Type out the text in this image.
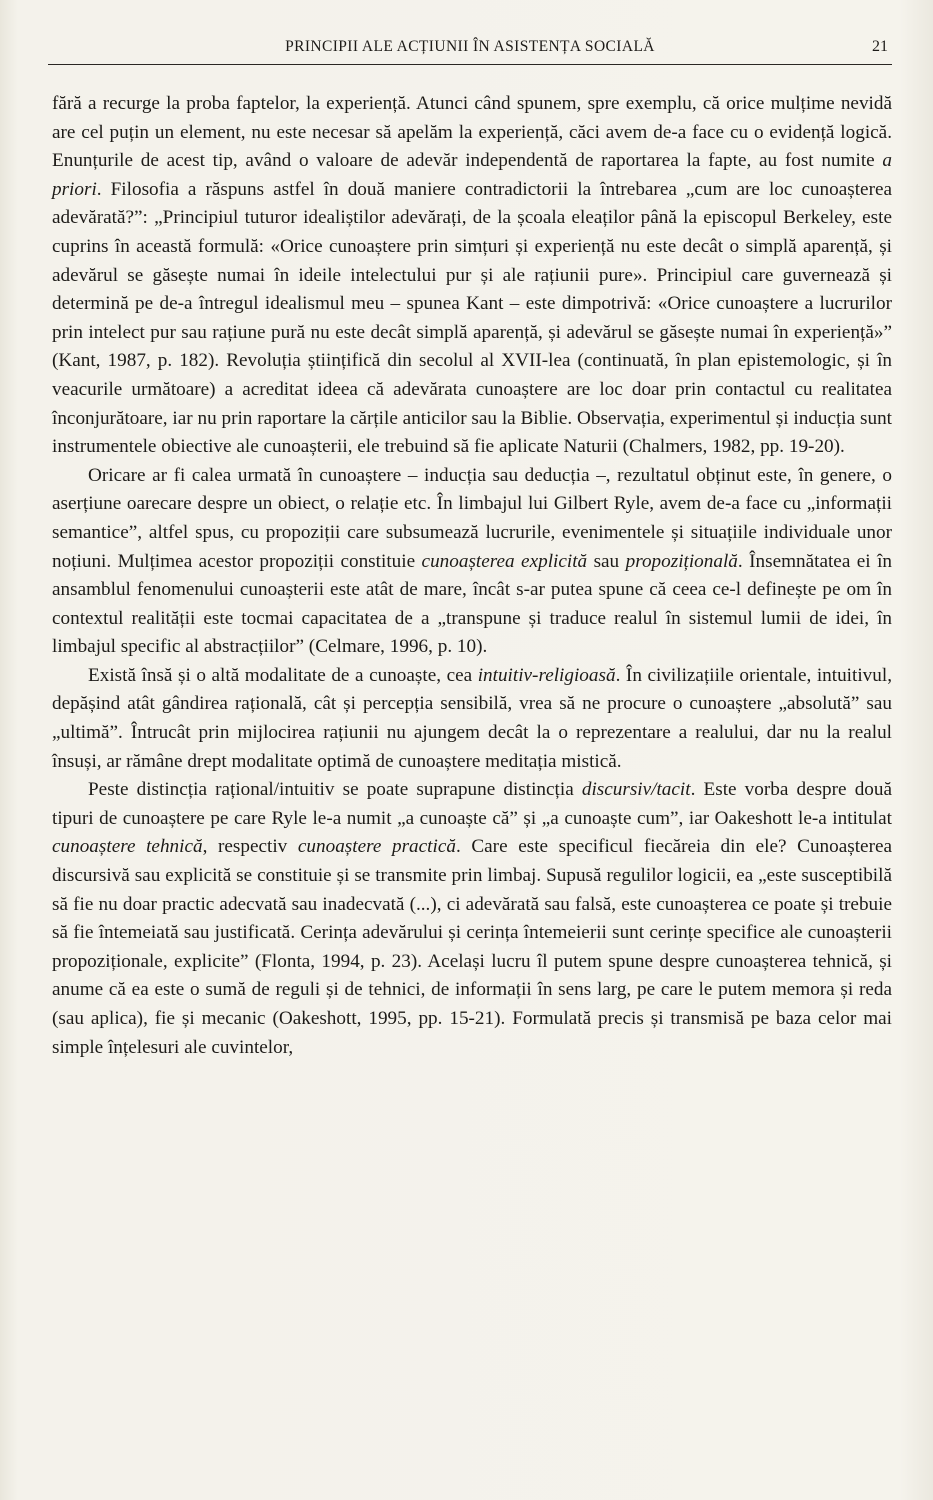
PRINCIPII ALE ACȚIUNII ÎN ASISTENȚA SOCIALĂ	21

fără a recurge la proba faptelor, la experiență. Atunci când spunem, spre exemplu, că orice mulțime nevidă are cel puțin un element, nu este necesar să apelăm la experiență, căci avem de-a face cu o evidență logică. Enunțurile de acest tip, având o valoare de adevăr independentă de raportarea la fapte, au fost numite a priori. Filosofia a răspuns astfel în două maniere contradictorii la întrebarea „cum are loc cunoașterea adevărată?”: „Principiul tuturor idealiștilor adevărați, de la școala eleaților până la episcopul Berkeley, este cuprins în această formulă: «Orice cunoaștere prin simțuri și experiență nu este decât o simplă aparență, și adevărul se găsește numai în ideile intelectului pur și ale rațiunii pure». Principiul care guvernează și determină pe de-a întregul idealismul meu – spunea Kant – este dimpotrivă: «Orice cunoaștere a lucrurilor prin intelect pur sau rațiune pură nu este decât simplă aparență, și adevărul se găsește numai în experiență»” (Kant, 1987, p. 182). Revoluția științifică din secolul al XVII-lea (continuată, în plan epistemologic, și în veacurile următoare) a acreditat ideea că adevărata cunoaștere are loc doar prin contactul cu realitatea înconjurătoare, iar nu prin raportare la cărțile anticilor sau la Biblie. Observația, experimentul și inducția sunt instrumentele obiective ale cunoașterii, ele trebuind să fie aplicate Naturii (Chalmers, 1982, pp. 19-20).

Oricare ar fi calea urmată în cunoaștere – inducția sau deducția –, rezultatul obținut este, în genere, o aserțiune oarecare despre un obiect, o relație etc. În limbajul lui Gilbert Ryle, avem de-a face cu „informații semantice”, altfel spus, cu propoziții care subsumează lucrurile, evenimentele și situațiile individuale unor noțiuni. Mulțimea acestor propoziții constituie cunoașterea explicită sau propozițională. Însemnătatea ei în ansamblul fenomenului cunoașterii este atât de mare, încât s-ar putea spune că ceea ce-l definește pe om în contextul realității este tocmai capacitatea de a „transpune și traduce realul în sistemul lumii de idei, în limbajul specific al abstracțiilor” (Celmare, 1996, p. 10).

Există însă și o altă modalitate de a cunoaște, cea intuitiv-religioasă. În civilizațiile orientale, intuitivul, depășind atât gândirea rațională, cât și percepția sensibilă, vrea să ne procure o cunoaștere „absolută” sau „ultimă”. Întrucât prin mijlocirea rațiunii nu ajungem decât la o reprezentare a realului, dar nu la realul însuși, ar rămâne drept modalitate optimă de cunoaștere meditația mistică.

Peste distincția rațional/intuitiv se poate suprapune distincția discursiv/tacit. Este vorba despre două tipuri de cunoaștere pe care Ryle le-a numit „a cunoaște că” și „a cunoaște cum”, iar Oakeshott le-a intitulat cunoaștere tehnică, respectiv cunoaștere practică. Care este specificul fiecăreia din ele? Cunoașterea discursivă sau explicită se constituie și se transmite prin limbaj. Supusă regulilor logicii, ea „este susceptibilă să fie nu doar practic adecvată sau inadecvată (...), ci adevărată sau falsă, este cunoașterea ce poate și trebuie să fie întemeiată sau justificată. Cerința adevărului și cerința întemeierii sunt cerințe specifice ale cunoașterii propoziționale, explicite” (Flonta, 1994, p. 23). Același lucru îl putem spune despre cunoașterea tehnică, și anume că ea este o sumă de reguli și de tehnici, de informații în sens larg, pe care le putem memora și reda (sau aplica), fie și mecanic (Oakeshott, 1995, pp. 15-21). Formulată precis și transmisă pe baza celor mai simple înțelesuri ale cuvintelor,
